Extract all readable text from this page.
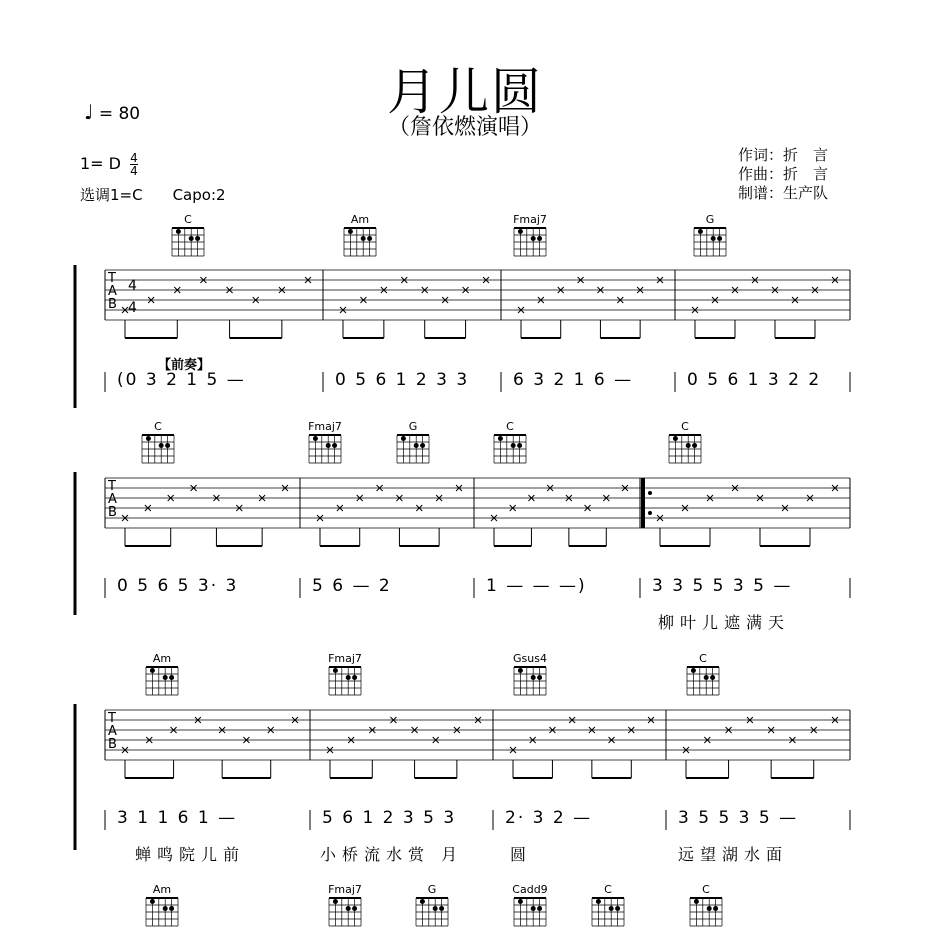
月儿圆
（詹依燃演唱）
♩ = 80
1= D $\frac{4}{4}$
选调1=C　　Capo:2
作词：折　言
作曲：折　言
制谱：生产队
【前奏】
T
A
B
4
4
T
A
B
T
A
B
C	Am	Fmaj7	G
C	Fmaj7	G	C	C
Am	Fmaj7	Gsus4	C
Am	Fmaj7	G	Cadd9	C	C
(0 3 2 1 5 —	0 5 6 1 2 3 3	6 3 2 1 6 —	0 5 6 1 3 2 2
0 5 6 5 3· 3	5 6 — 2	1 — — —)	3 3 5 5 3 5 —
柳叶儿遮满天
3 1 1 6 1 —	5 6 1 2 3 5 3	2· 3 2 —	3 5 5 3 5 —
蝉鸣院儿前	小桥流水赏 月	圆	远望湖水面
